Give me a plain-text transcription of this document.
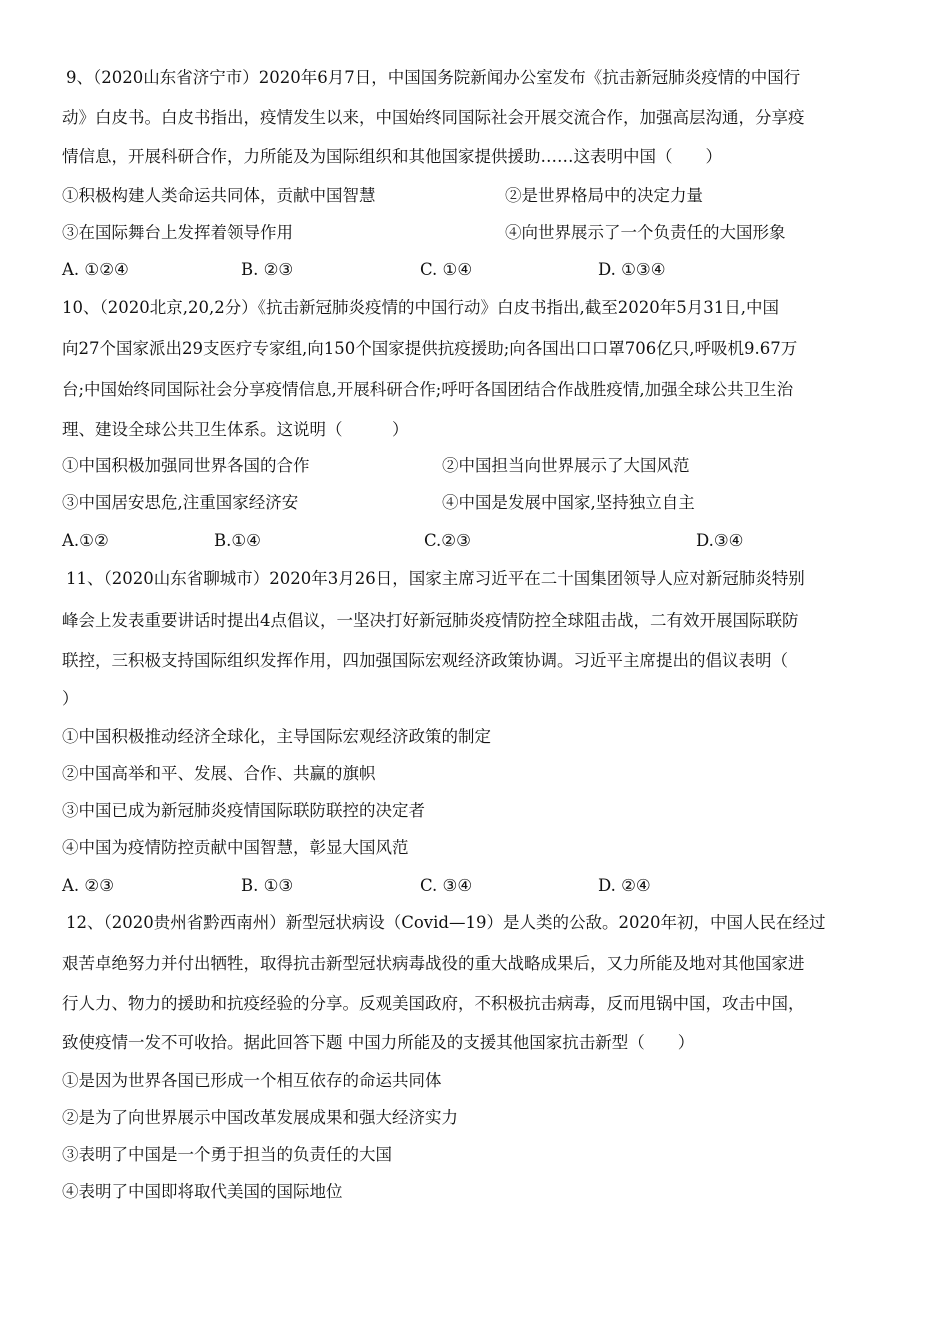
9、（2020山东省济宁市）2020年6月7日，中国国务院新闻办公室发布《抗击新冠肺炎疫情的中国行
动》白皮书。白皮书指出，疫情发生以来，中国始终同国际社会开展交流合作，加强高层沟通，分享疫
情信息，开展科研合作，力所能及为国际组织和其他国家提供援助……这表明中国（　　）
①积极构建人类命运共同体，贡献中国智慧	②是世界格局中的决定力量
③在国际舞台上发挥着领导作用	④向世界展示了一个负责任的大国形象
A. ①②④	B. ②③	C. ①④	D. ①③④
10、（2020北京,20,2分）《抗击新冠肺炎疫情的中国行动》白皮书指出,截至2020年5月31日,中国
向27个国家派出29支医疗专家组,向150个国家提供抗疫援助;向各国出口口罩706亿只,呼吸机9.67万
台;中国始终同国际社会分享疫情信息,开展科研合作;呼吁各国团结合作战胜疫情,加强全球公共卫生治
理、建设全球公共卫生体系。这说明（　　　）
①中国积极加强同世界各国的合作	②中国担当向世界展示了大国风范
③中国居安思危,注重国家经济安	④中国是发展中国家,坚持独立自主
A.①②	B.①④	C.②③	D.③④
11、（2020山东省聊城市）2020年3月26日，国家主席习近平在二十国集团领导人应对新冠肺炎特别
峰会上发表重要讲话时提出4点倡议，一坚决打好新冠肺炎疫情防控全球阻击战，二有效开展国际联防
联控，三积极支持国际组织发挥作用，四加强国际宏观经济政策协调。习近平主席提出的倡议表明（
）
①中国积极推动经济全球化，主导国际宏观经济政策的制定
②中国高举和平、发展、合作、共赢的旗帜
③中国已成为新冠肺炎疫情国际联防联控的决定者
④中国为疫情防控贡献中国智慧，彰显大国风范
A. ②③	B. ①③	C. ③④	D. ②④
12、（2020贵州省黔西南州）新型冠状病设（Covid—19）是人类的公敌。2020年初，中国人民在经过
艰苦卓绝努力并付出牺牲，取得抗击新型冠状病毒战役的重大战略成果后，又力所能及地对其他国家进
行人力、物力的援助和抗疫经验的分享。反观美国政府，不积极抗击病毒，反而甩锅中国，攻击中国，
致使疫情一发不可收拾。据此回答下题 中国力所能及的支援其他国家抗击新型（　　）
①是因为世界各国已形成一个相互依存的命运共同体
②是为了向世界展示中国改革发展成果和强大经济实力
③表明了中国是一个勇于担当的负责任的大国
④表明了中国即将取代美国的国际地位
